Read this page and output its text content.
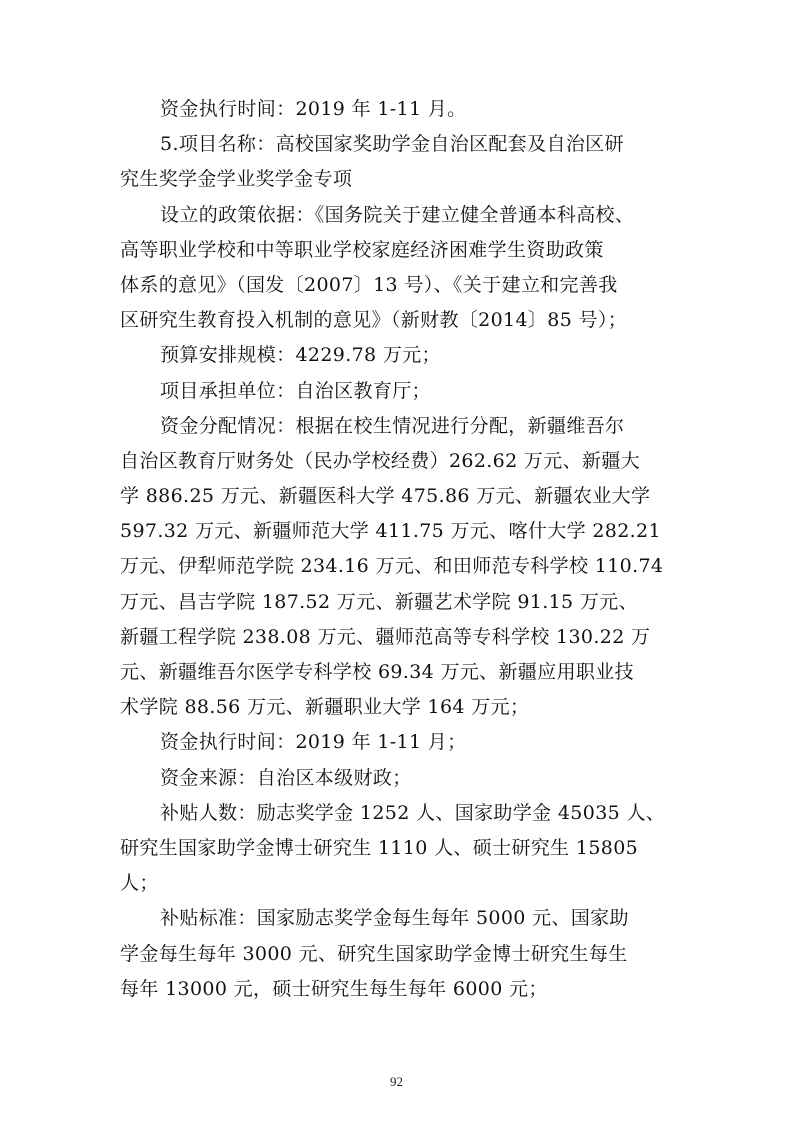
资金执行时间：2019 年 1-11 月。
5.项目名称：高校国家奖助学金自治区配套及自治区研
究生奖学金学业奖学金专项
设立的政策依据：《国务院关于建立健全普通本科高校、
高等职业学校和中等职业学校家庭经济困难学生资助政策
体系的意见》（国发〔2007〕13 号）、《关于建立和完善我
区研究生教育投入机制的意见》（新财教〔2014〕85 号）；
预算安排规模：4229.78 万元；
项目承担单位：自治区教育厅；
资金分配情况：根据在校生情况进行分配，新疆维吾尔
自治区教育厅财务处（民办学校经费）262.62 万元、新疆大
学 886.25 万元、新疆医科大学 475.86 万元、新疆农业大学
597.32 万元、新疆师范大学 411.75 万元、喀什大学 282.21
万元、伊犁师范学院 234.16 万元、和田师范专科学校 110.74
万元、昌吉学院 187.52 万元、新疆艺术学院 91.15 万元、
新疆工程学院 238.08 万元、疆师范高等专科学校 130.22 万
元、新疆维吾尔医学专科学校 69.34 万元、新疆应用职业技
术学院 88.56 万元、新疆职业大学 164 万元；
资金执行时间：2019 年 1-11 月；
资金来源：自治区本级财政；
补贴人数：励志奖学金 1252 人、国家助学金 45035 人、
研究生国家助学金博士研究生 1110 人、硕士研究生 15805
人；
补贴标准：国家励志奖学金每生每年 5000 元、国家助
学金每生每年 3000 元、研究生国家助学金博士研究生每生
每年 13000 元，硕士研究生每生每年 6000 元；
92
